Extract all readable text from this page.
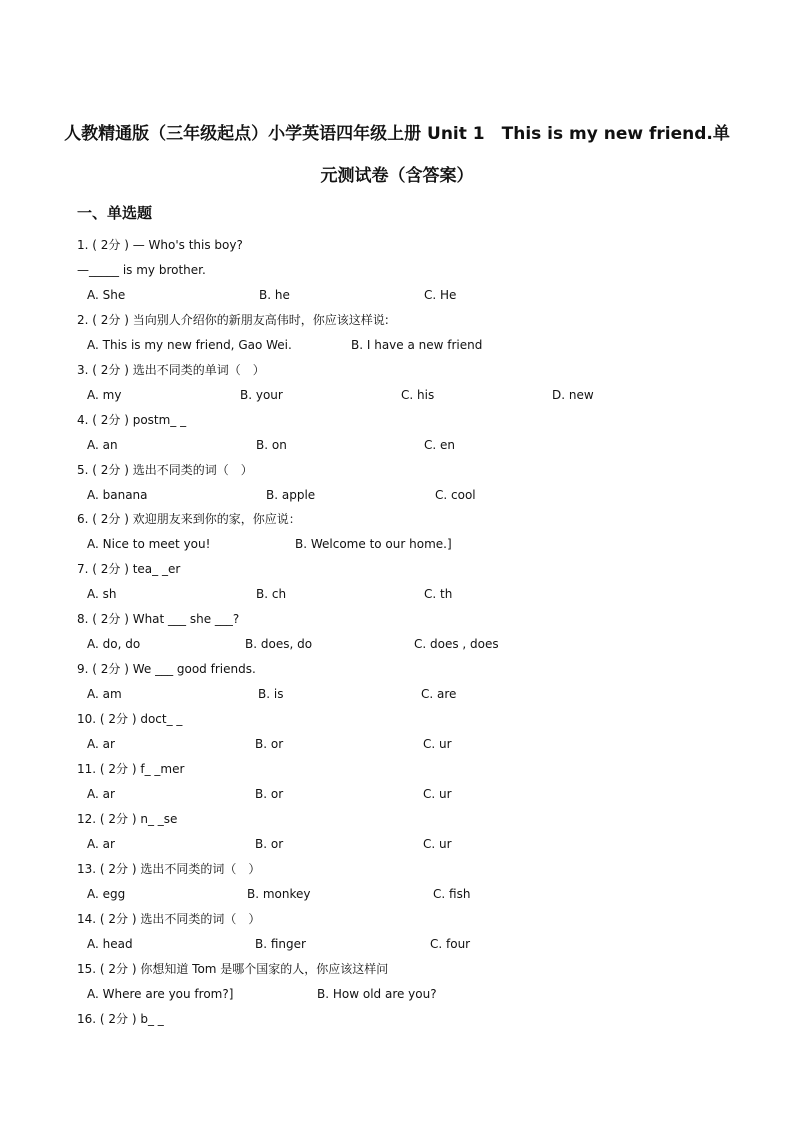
人教精通版（三年级起点）小学英语四年级上册 Unit 1　This is my new friend.单
元测试卷（含答案）
一、单选题
1. ( 2分 ) — Who's this boy?
—_____ is my brother.
A. She	B. he	C. He
2. ( 2分 ) 当向别人介绍你的新朋友高伟时，你应该这样说:
A. This is my new friend, Gao Wei.	B. I have a new friend
3. ( 2分 ) 选出不同类的单词（　）
A. my	B. your	C. his	D. new
4. ( 2分 ) postm_ _
A. an	B. on	C. en
5. ( 2分 ) 选出不同类的词（　）
A. banana	B. apple	C. cool
6. ( 2分 ) 欢迎朋友来到你的家，你应说：
A. Nice to meet you!	B. Welcome to our home.]
7. ( 2分 ) tea_ _er
A. sh	B. ch	C. th
8. ( 2分 ) What ___ she ___?
A. do, do	B. does, do	C. does , does
9. ( 2分 ) We ___ good friends.
A. am	B. is	C. are
10. ( 2分 ) doct_ _
A. ar	B. or	C. ur
11. ( 2分 ) f_ _mer
A. ar	B. or	C. ur
12. ( 2分 ) n_ _se
A. ar	B. or	C. ur
13. ( 2分 ) 选出不同类的词（　）
A. egg	B. monkey	C. fish
14. ( 2分 ) 选出不同类的词（　）
A. head	B. finger	C. four
15. ( 2分 ) 你想知道 Tom 是哪个国家的人，你应该这样问
A. Where are you from?]	B. How old are you?
16. ( 2分 ) b_ _
